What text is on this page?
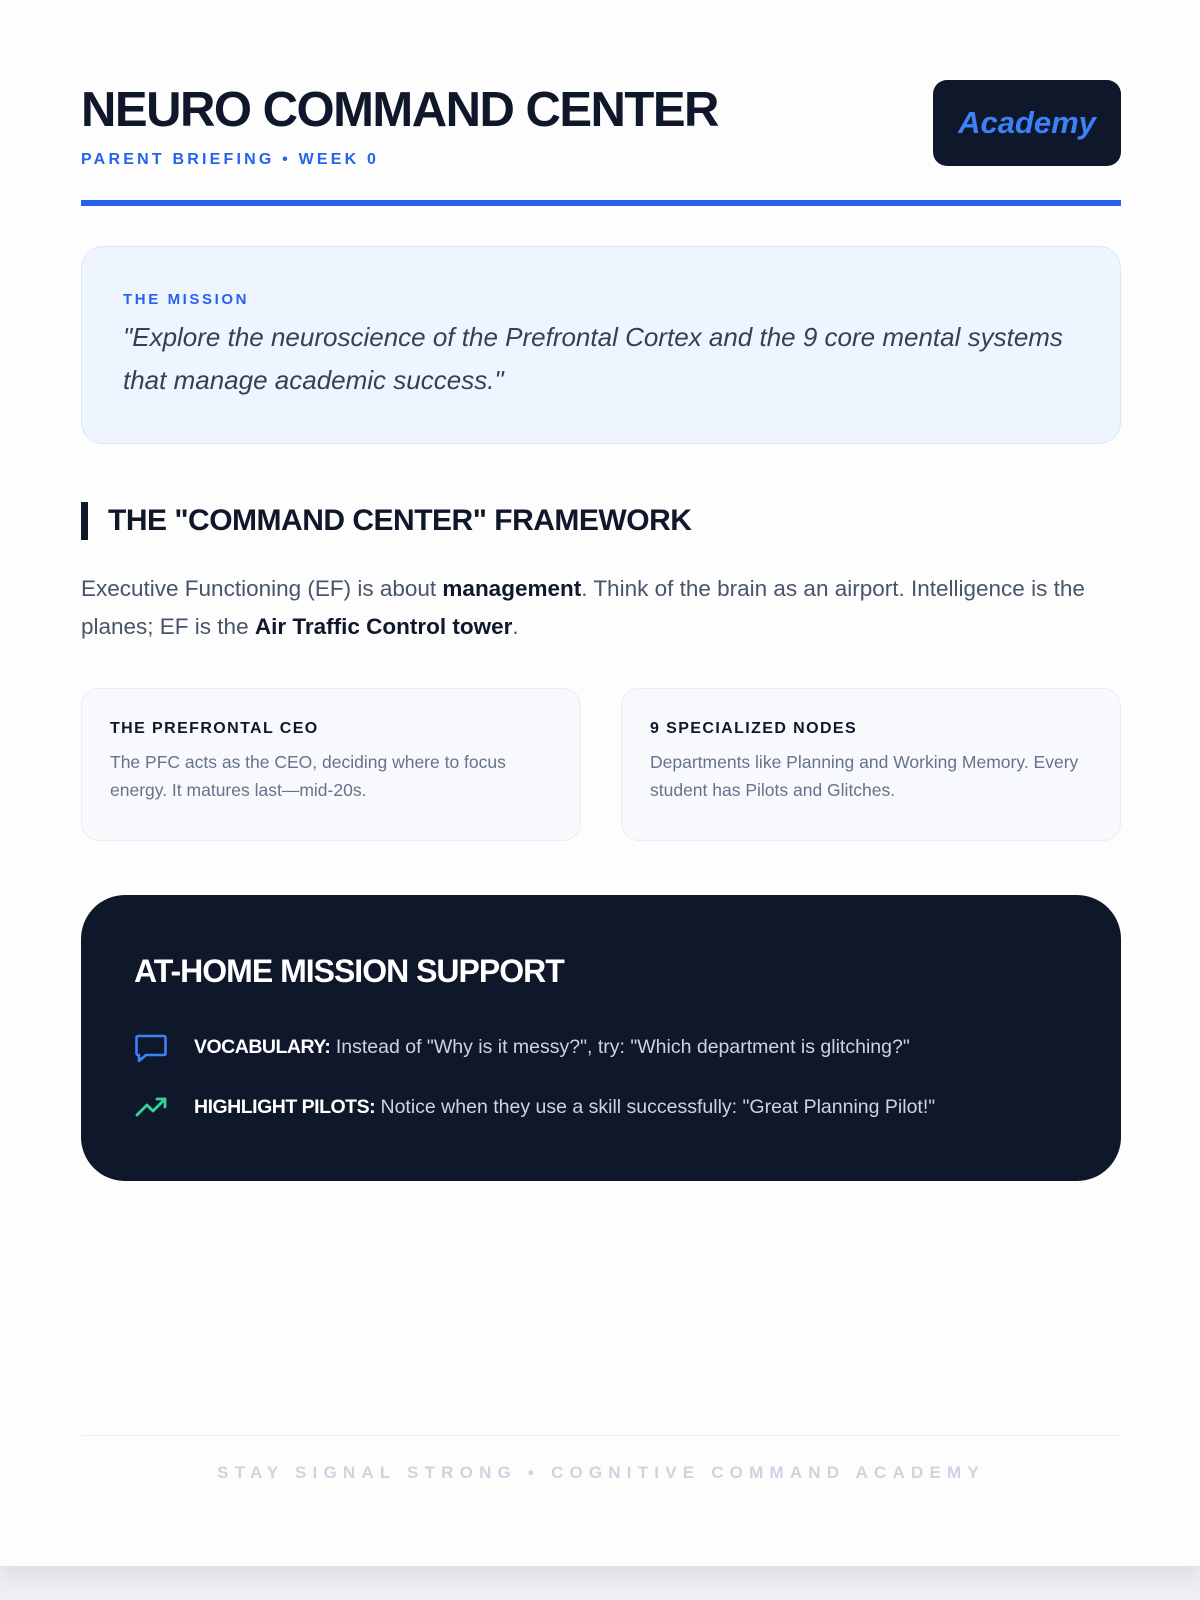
NEURO COMMAND CENTER
PARENT BRIEFING • WEEK 0
Academy
THE MISSION
"Explore the neuroscience of the Prefrontal Cortex and the 9 core mental systems that manage academic success."
THE "COMMAND CENTER" FRAMEWORK

Executive Functioning (EF) is about management. Think of the brain as an airport. Intelligence is the planes; EF is the Air Traffic Control tower.

THE PREFRONTAL CEO
The PFC acts as the CEO, deciding where to focus energy. It matures last—mid-20s.
9 SPECIALIZED NODES
Departments like Planning and Working Memory. Every student has Pilots and Glitches.
AT-HOME MISSION SUPPORT
VOCABULARY: Instead of "Why is it messy?", try: "Which department is glitching?"
HIGHLIGHT PILOTS: Notice when they use a skill successfully: "Great Planning Pilot!"
STAY SIGNAL STRONG • COGNITIVE COMMAND ACADEMY
